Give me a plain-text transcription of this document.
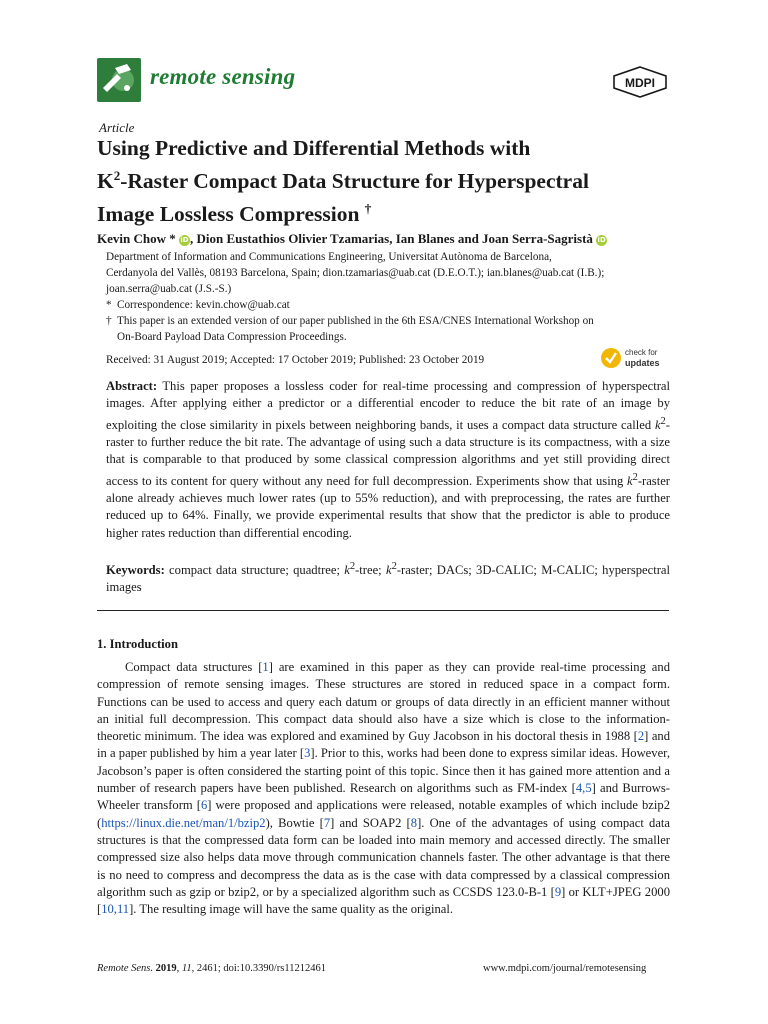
remote sensing	MDPI
Article
Using Predictive and Differential Methods with
$K^2$-Raster Compact Data Structure for Hyperspectral
Image Lossless Compression †
Kevin Chow * iD, Dion Eustathios Olivier Tzamarias, Ian Blanes and Joan Serra-Sagristà iD

Department of Information and Communications Engineering, Universitat Autònoma de Barcelona,

Cerdanyola del Vallès, 08193 Barcelona, Spain; dion.tzamarias@uab.cat (D.E.O.T.); ian.blanes@uab.cat (I.B.);

joan.serra@uab.cat (J.S.-S.)

* Correspondence: kevin.chow@uab.cat

† This paper is an extended version of our paper published in the 6th ESA/CNES International Workshop on

On-Board Payload Data Compression Proceedings.

Received: 31 August 2019; Accepted: 17 October 2019; Published: 23 October 2019
check for
updates
Abstract: This paper proposes a lossless coder for real-time processing and compression of hyperspectral images. After applying either a predictor or a differential encoder to reduce the bit rate of an image by exploiting the close similarity in pixels between neighboring bands, it uses a compact data structure called $k^2$-raster to further reduce the bit rate. The advantage of using such a data structure is its compactness, with a size that is comparable to that produced by some classical compression algorithms and yet still providing direct access to its content for query without any need for full decompression. Experiments show that using $k^2$-raster alone already achieves much lower rates (up to 55% reduction), and with preprocessing, the rates are further reduced up to 64%. Finally, we provide experimental results that show that the predictor is able to produce higher rates reduction than differential encoding.
Keywords: compact data structure; quadtree; $k^2$-tree; $k^2$-raster; DACs; 3D-CALIC; M-CALIC; hyperspectral images
1. Introduction

Compact data structures [1] are examined in this paper as they can provide real-time processing and compression of remote sensing images. These structures are stored in reduced space in a compact form. Functions can be used to access and query each datum or groups of data directly in an efficient manner without an initial full decompression. This compact data should also have a size which is close to the information-theoretic minimum. The idea was explored and examined by Guy Jacobson in his doctoral thesis in 1988 [2] and in a paper published by him a year later [3]. Prior to this, works had been done to express similar ideas. However, Jacobson’s paper is often considered the starting point of this topic. Since then it has gained more attention and a number of research papers have been published. Research on algorithms such as FM-index [4,5] and Burrows-Wheeler transform [6] were proposed and applications were released, notable examples of which include bzip2 (https://linux.die.net/man/1/bzip2), Bowtie [7] and SOAP2 [8]. One of the advantages of using compact data structures is that the compressed data form can be loaded into main memory and accessed directly. The smaller compressed size also helps data move through communication channels faster. The other advantage is that there is no need to compress and decompress the data as is the case with data compressed by a classical compression algorithm such as gzip or bzip2, or by a specialized algorithm such as CCSDS 123.0-B-1 [9] or KLT+JPEG 2000 [10,11]. The resulting image will have the same quality as the original.

Remote Sens. 2019, 11, 2461; doi:10.3390/rs11212461	www.mdpi.com/journal/remotesensing
